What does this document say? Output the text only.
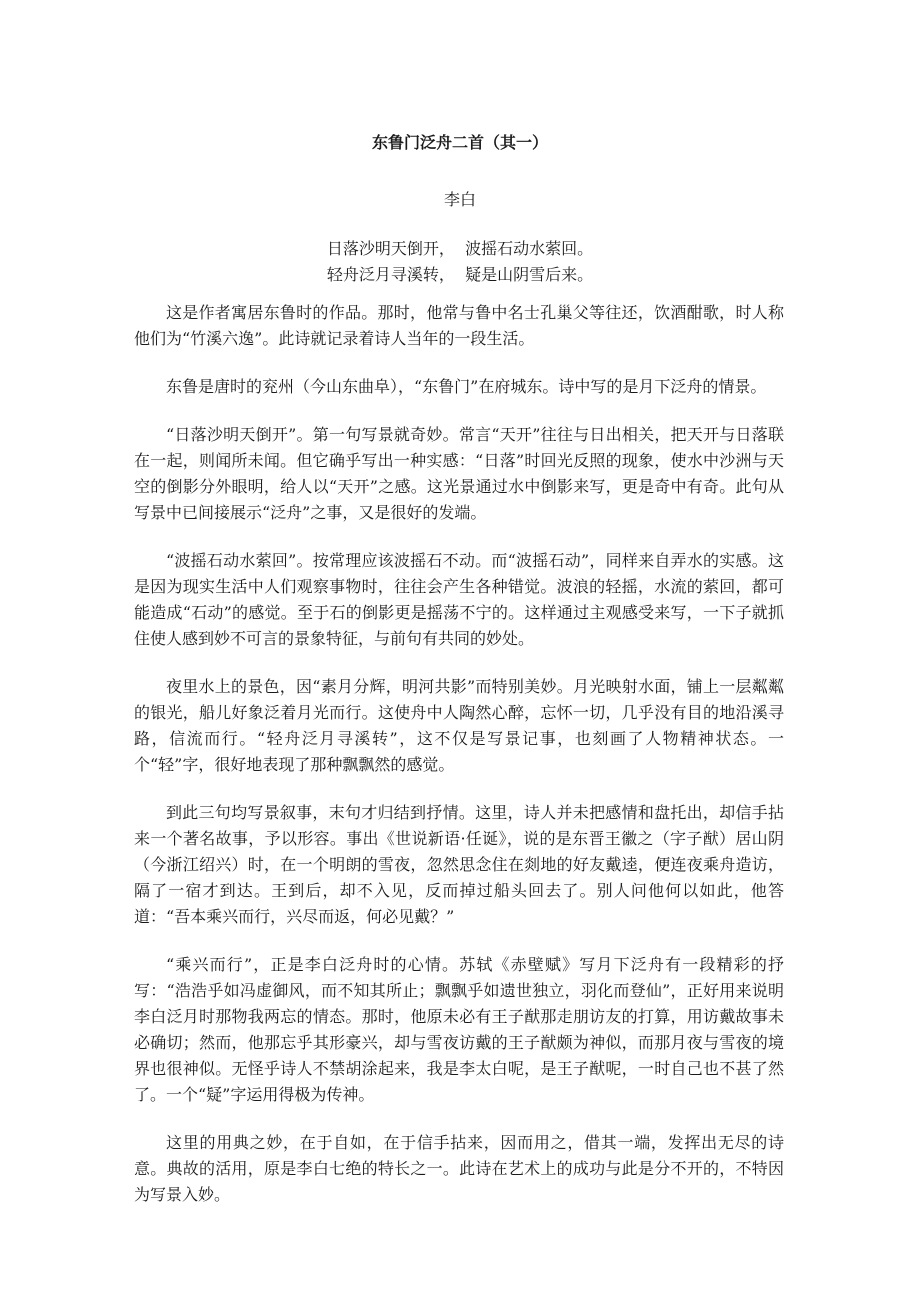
东鲁门泛舟二首（其一）
李白
日落沙明天倒开，  波摇石动水萦回。
轻舟泛月寻溪转，  疑是山阴雪后来。

这是作者寓居东鲁时的作品。那时，他常与鲁中名士孔巢父等往还，饮酒酣歌，时人称他们为“竹溪六逸”。此诗就记录着诗人当年的一段生活。

东鲁是唐时的兖州（今山东曲阜），“东鲁门”在府城东。诗中写的是月下泛舟的情景。

“日落沙明天倒开”。第一句写景就奇妙。常言“天开”往往与日出相关，把天开与日落联在一起，则闻所未闻。但它确乎写出一种实感：“日落”时回光反照的现象，使水中沙洲与天空的倒影分外眼明，给人以“天开”之感。这光景通过水中倒影来写，更是奇中有奇。此句从写景中已间接展示“泛舟”之事，又是很好的发端。

“波摇石动水萦回”。按常理应该波摇石不动。而“波摇石动”，同样来自弄水的实感。这是因为现实生活中人们观察事物时，往往会产生各种错觉。波浪的轻摇，水流的萦回，都可能造成“石动”的感觉。至于石的倒影更是摇荡不宁的。这样通过主观感受来写，一下子就抓住使人感到妙不可言的景象特征，与前句有共同的妙处。

夜里水上的景色，因“素月分辉，明河共影”而特别美妙。月光映射水面，铺上一层粼粼的银光，船儿好象泛着月光而行。这使舟中人陶然心醉，忘怀一切，几乎没有目的地沿溪寻路，信流而行。“轻舟泛月寻溪转”，这不仅是写景记事，也刻画了人物精神状态。一个“轻”字，很好地表现了那种飘飘然的感觉。

到此三句均写景叙事，末句才归结到抒情。这里，诗人并未把感情和盘托出，却信手拈来一个著名故事，予以形容。事出《世说新语·任诞》，说的是东晋王徽之（字子猷）居山阴（今浙江绍兴）时，在一个明朗的雪夜，忽然思念住在剡地的好友戴逵，便连夜乘舟造访，隔了一宿才到达。王到后，却不入见，反而掉过船头回去了。别人问他何以如此，他答道：“吾本乘兴而行，兴尽而返，何必见戴？”

“乘兴而行”，正是李白泛舟时的心情。苏轼《赤壁赋》写月下泛舟有一段精彩的抒写：“浩浩乎如冯虚御风，而不知其所止；飘飘乎如遗世独立，羽化而登仙”，正好用来说明李白泛月时那物我两忘的情态。那时，他原未必有王子猷那走朋访友的打算，用访戴故事未必确切；然而，他那忘乎其形豪兴，却与雪夜访戴的王子猷颇为神似，而那月夜与雪夜的境界也很神似。无怪乎诗人不禁胡涂起来，我是李太白呢，是王子猷呢，一时自己也不甚了然了。一个“疑”字运用得极为传神。

这里的用典之妙，在于自如，在于信手拈来，因而用之，借其一端，发挥出无尽的诗意。典故的活用，原是李白七绝的特长之一。此诗在艺术上的成功与此是分不开的，不特因为写景入妙。
